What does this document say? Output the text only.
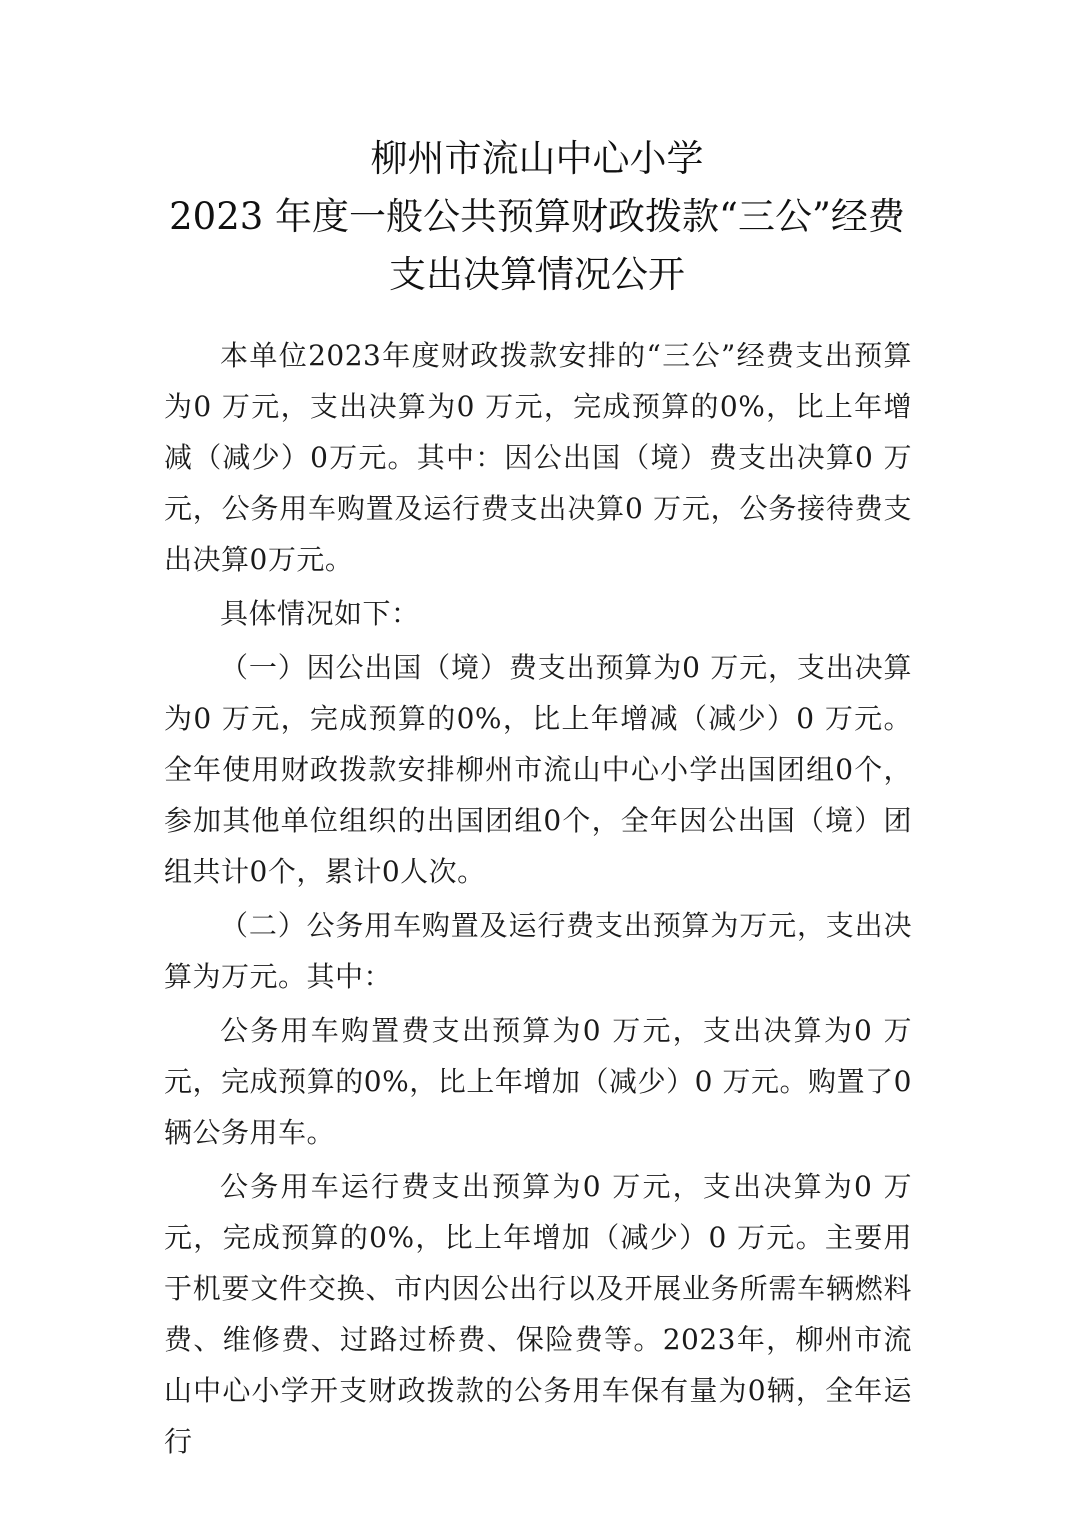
柳州市流山中心小学
2023 年度一般公共预算财政拨款“三公”经费
支出决算情况公开

本单位2023年度财政拨款安排的“三公”经费支出预算为0 万元，支出决算为0 万元，完成预算的0%，比上年增减（减少）0万元。其中：因公出国（境）费支出决算0 万元，公务用车购置及运行费支出决算0 万元，公务接待费支出决算0万元。

具体情况如下：

（一）因公出国（境）费支出预算为0 万元，支出决算为0 万元，完成预算的0%，比上年增减（减少）0 万元。全年使用财政拨款安排柳州市流山中心小学出国团组0个，参加其他单位组织的出国团组0个，全年因公出国（境）团组共计0个，累计0人次。

（二）公务用车购置及运行费支出预算为万元，支出决算为万元。其中：

公务用车购置费支出预算为0 万元，支出决算为0 万元，完成预算的0%，比上年增加（减少）0 万元。购置了0辆公务用车。

公务用车运行费支出预算为0 万元，支出决算为0 万元，完成预算的0%，比上年增加（减少）0 万元。主要用于机要文件交换、市内因公出行以及开展业务所需车辆燃料费、维修费、过路过桥费、保险费等。2023年，柳州市流山中心小学开支财政拨款的公务用车保有量为0辆，全年运行
